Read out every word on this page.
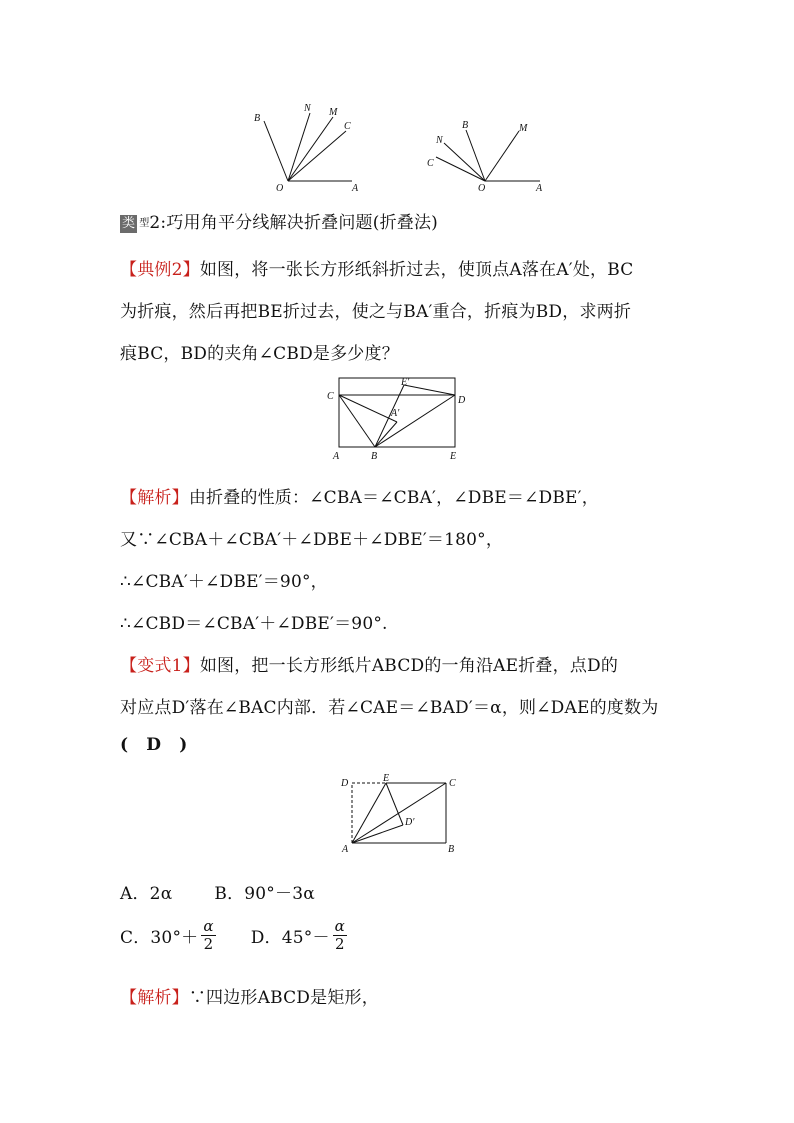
B
N M
C
O	A
B
N
C
M
O	A
类 型2:巧用角平分线解决折叠问题(折叠法)
【典例2】如图，将一张长方形纸斜折过去，使顶点A落在A′处，BC
为折痕，然后再把BE折过去，使之与BA′重合，折痕为BD，求两折
痕BC，BD的夹角∠CBD是多少度？
C
E′
A′
D
A	B	E
【解析】由折叠的性质：∠CBA＝∠CBA′，∠DBE＝∠DBE′，
又∵∠CBA＋∠CBA′＋∠DBE＋∠DBE′＝180°，
∴∠CBA′＋∠DBE′＝90°，
∴∠CBD＝∠CBA′＋∠DBE′＝90°.
【变式1】如图，把一长方形纸片ABCD的一角沿AE折叠，点D的
对应点D′落在∠BAC内部．若∠CAE＝∠BAD′＝α，则∠DAE的度数为
( D )
D	E	C
D′
A	B
A．2α B．90°－3α
C．$30^\circ+ \frac{\alpha}{2}$ D．$45^\circ- \frac{\alpha}{2}$
【解析】∵四边形ABCD是矩形，
